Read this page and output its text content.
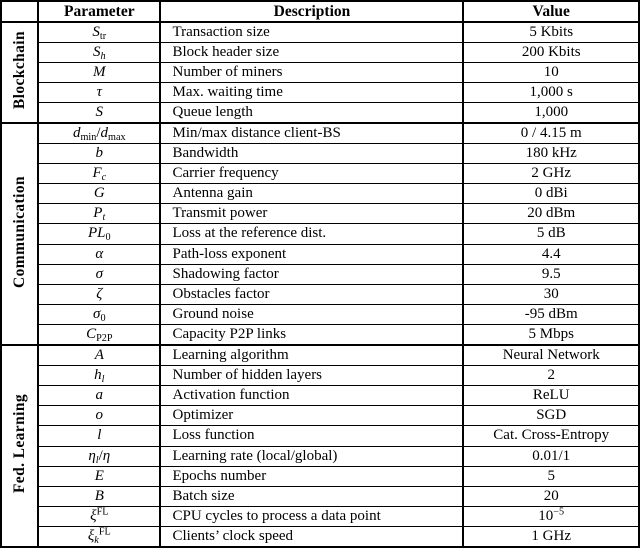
	Parameter	Description	Value
Blockchain	$S_{tr}$	Transaction size	5 Kbits
	$S_h$	Block header size	200 Kbits
	M	Number of miners	10
	τ	Max. waiting time	1,000 s
	S	Queue length	1,000
Communication	$d_{min}/d_{max}$	Min/max distance client-BS	0 / 4.15 m
	b	Bandwidth	180 kHz
	$F_c$	Carrier frequency	2 GHz
	G	Antenna gain	0 dBi
	$P_t$	Transmit power	20 dBm
	$PL_0$	Loss at the reference dist.	5 dB
	α	Path-loss exponent	4.4
	σ	Shadowing factor	9.5
	ζ	Obstacles factor	30
	$\sigma_0$	Ground noise	-95 dBm
	$C_{P2P}$	Capacity P2P links	5 Mbps
Fed. Learning	A	Learning algorithm	Neural Network
	$h_l$	Number of hidden layers	2
	a	Activation function	ReLU
	o	Optimizer	SGD
	l	Loss function	Cat. Cross-Entropy
	$\eta_l/\eta$	Learning rate (local/global)	0.01/1
	E	Epochs number	5
	B	Batch size	20
	$\xi^{FL}$	CPU cycles to process a data point	$10^{-5}$
	$\xi_k^{FL}$	Clients’ clock speed	1 GHz
